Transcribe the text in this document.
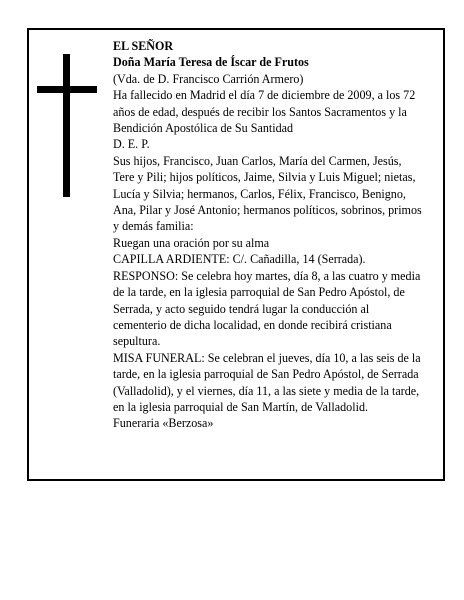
EL SEÑOR

Doña María Teresa de Íscar de Frutos

(Vda. de D. Francisco Carrión Armero)

Ha fallecido en Madrid el día 7 de diciembre de 2009, a los 72 años de edad, después de recibir los Santos Sacramentos y la Bendición Apostólica de Su Santidad

D. E. P.

Sus hijos, Francisco, Juan Carlos, María del Carmen, Jesús, Tere y Pili; hijos políticos, Jaime, Silvia y Luis Miguel; nietas, Lucía y Silvia; hermanos, Carlos, Félix, Francisco, Benigno, Ana, Pilar y José Antonio; hermanos políticos, sobrinos, primos y demás familia:

Ruegan una oración por su alma

CAPILLA ARDIENTE: C/. Cañadilla, 14 (Serrada).

RESPONSO: Se celebra hoy martes, día 8, a las cuatro y media de la tarde, en la iglesia parroquial de San Pedro Apóstol, de Serrada, y acto seguido tendrá lugar la conducción al cementerio de dicha localidad, en donde recibirá cristiana sepultura.

MISA FUNERAL: Se celebran el jueves, día 10, a las seis de la tarde, en la iglesia parroquial de San Pedro Apóstol, de Serrada (Valladolid), y el viernes, día 11, a las siete y media de la tarde, en la iglesia parroquial de San Martín, de Valladolid.

Funeraria «Berzosa»
